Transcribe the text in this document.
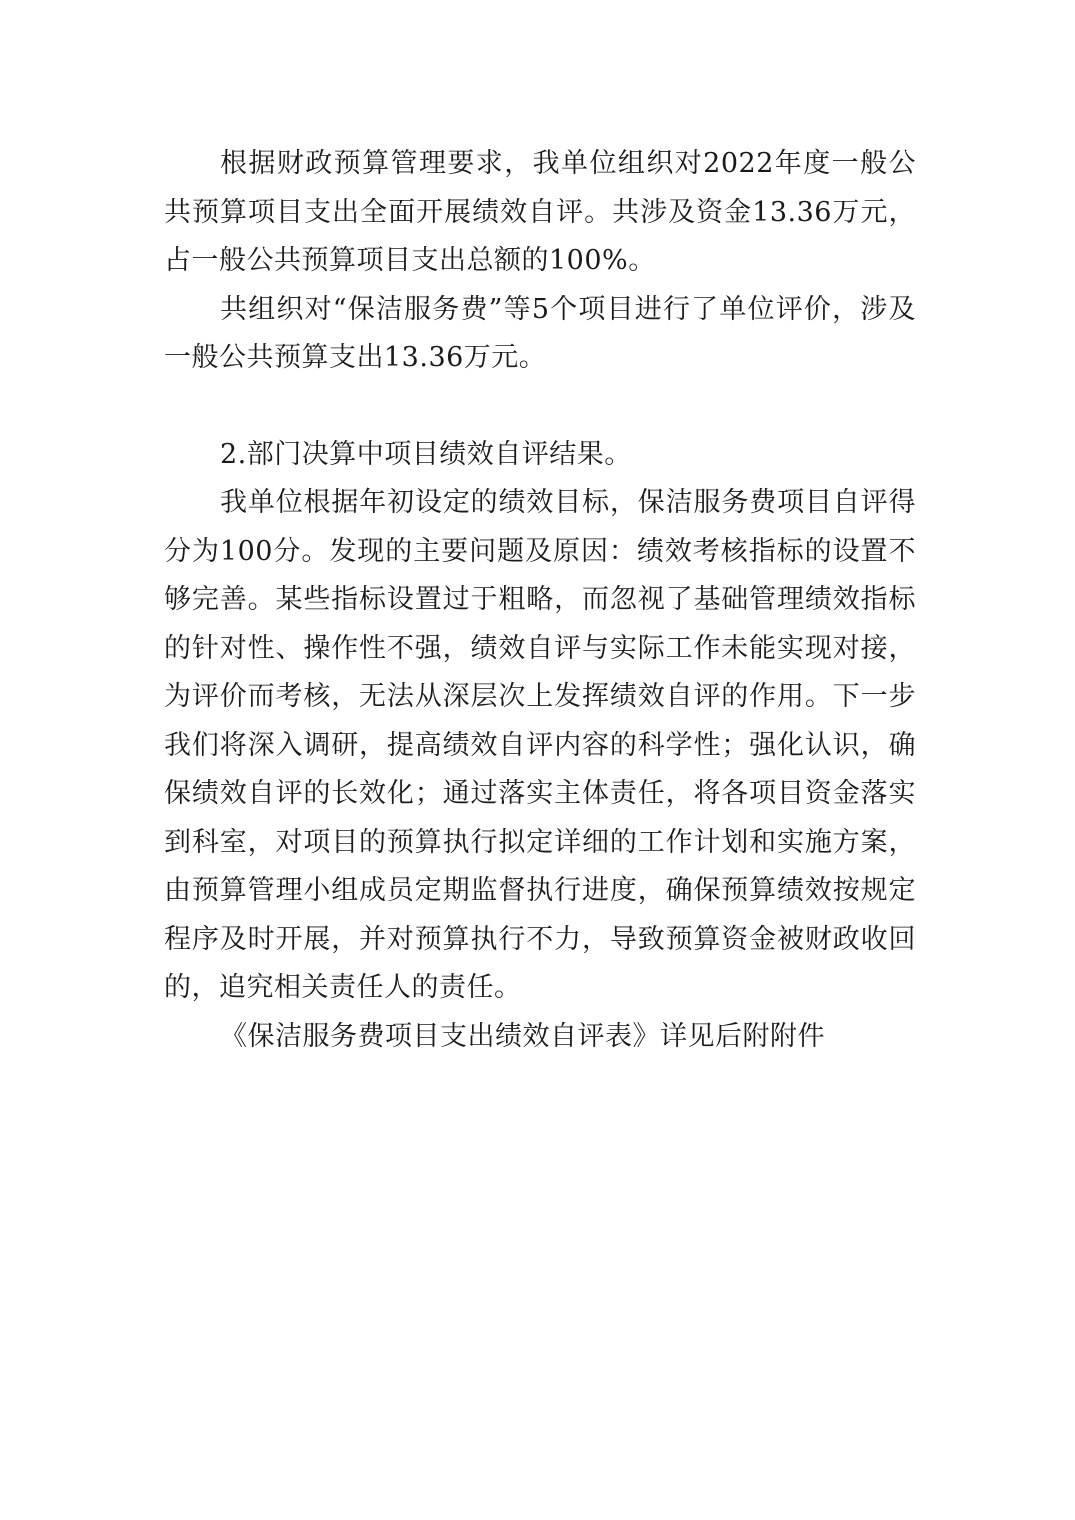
根据财政预算管理要求，我单位组织对2022年度一般公共预算项目支出全面开展绩效自评。共涉及资金13.36万元，占一般公共预算项目支出总额的100%。

共组织对“保洁服务费”等5个项目进行了单位评价，涉及一般公共预算支出13.36万元。

2.部门决算中项目绩效自评结果。

我单位根据年初设定的绩效目标，保洁服务费项目自评得分为100分。发现的主要问题及原因：绩效考核指标的设置不够完善。某些指标设置过于粗略，而忽视了基础管理绩效指标的针对性、操作性不强，绩效自评与实际工作未能实现对接，为评价而考核，无法从深层次上发挥绩效自评的作用。下一步我们将深入调研，提高绩效自评内容的科学性；强化认识，确保绩效自评的长效化；通过落实主体责任，将各项目资金落实到科室，对项目的预算执行拟定详细的工作计划和实施方案，由预算管理小组成员定期监督执行进度，确保预算绩效按规定程序及时开展，并对预算执行不力，导致预算资金被财政收回的，追究相关责任人的责任。

《保洁服务费项目支出绩效自评表》详见后附附件
